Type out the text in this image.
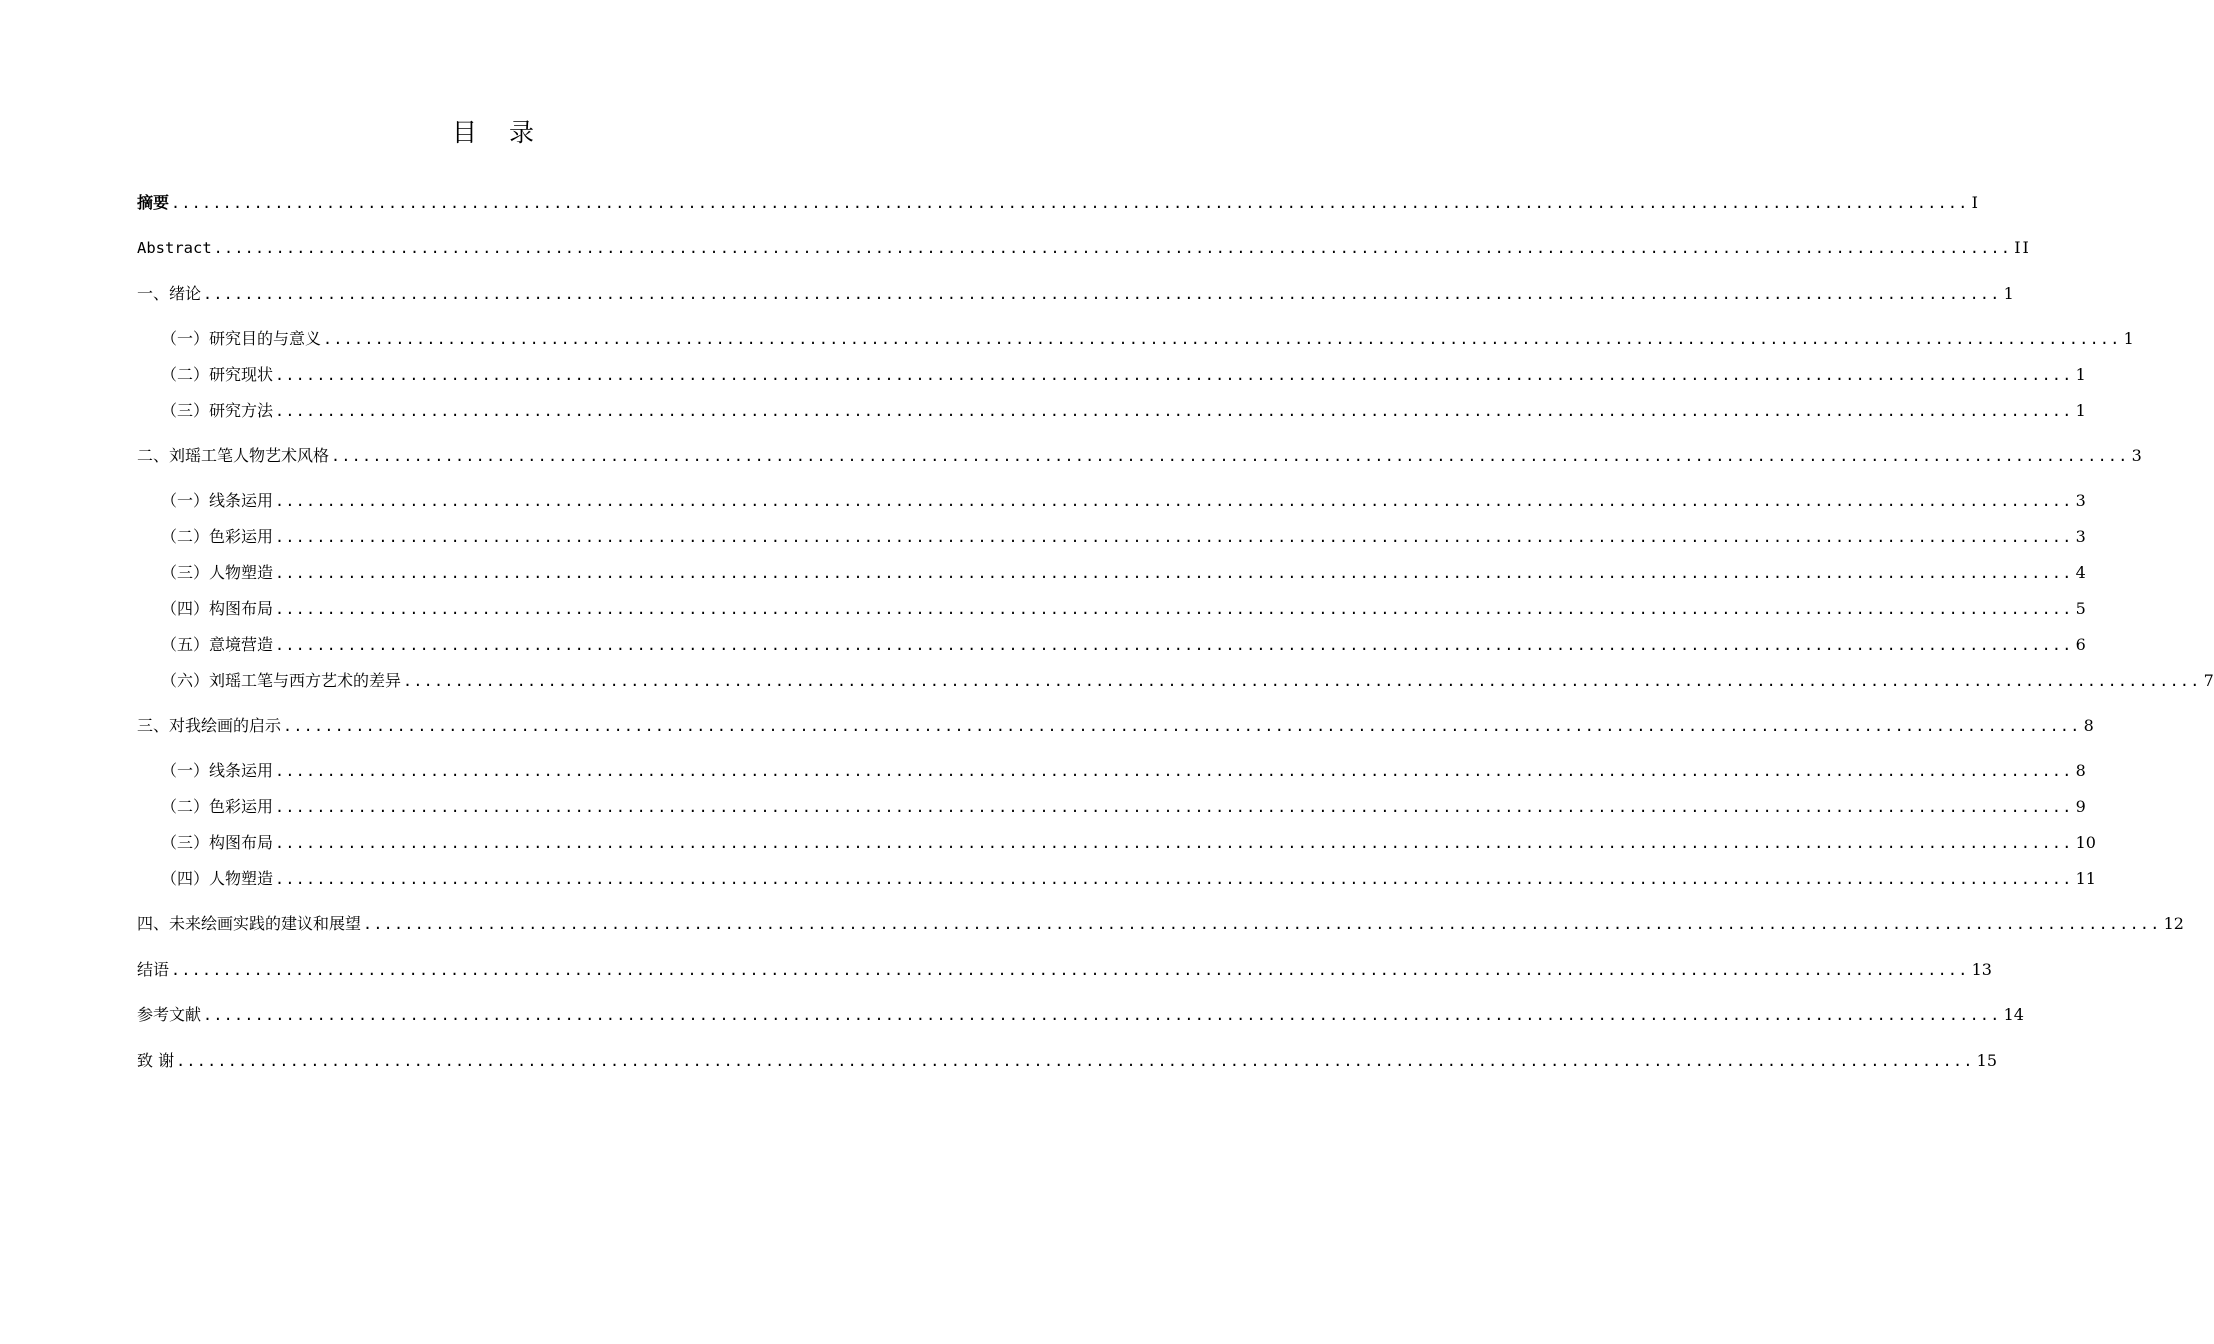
目 录
摘要 .............................................................................................................................................................................. I
Abstract .............................................................................................................................................................................. II
一、绪论 .............................................................................................................................................................................. 1
（一）研究目的与意义 .............................................................................................................................................................................. 1
（二）研究现状 .............................................................................................................................................................................. 1
（三）研究方法 .............................................................................................................................................................................. 1
二、刘瑶工笔人物艺术风格 .............................................................................................................................................................................. 3
（一）线条运用 .............................................................................................................................................................................. 3
（二）色彩运用 .............................................................................................................................................................................. 3
（三）人物塑造 .............................................................................................................................................................................. 4
（四）构图布局 .............................................................................................................................................................................. 5
（五）意境营造 .............................................................................................................................................................................. 6
（六）刘瑶工笔与西方艺术的差异 .............................................................................................................................................................................. 7
三、对我绘画的启示 .............................................................................................................................................................................. 8
（一）线条运用 .............................................................................................................................................................................. 8
（二）色彩运用 .............................................................................................................................................................................. 9
（三）构图布局 .............................................................................................................................................................................. 10
（四）人物塑造 .............................................................................................................................................................................. 11
四、未来绘画实践的建议和展望 .............................................................................................................................................................................. 12
结语 .............................................................................................................................................................................. 13
参考文献 .............................................................................................................................................................................. 14
致 谢 .............................................................................................................................................................................. 15
